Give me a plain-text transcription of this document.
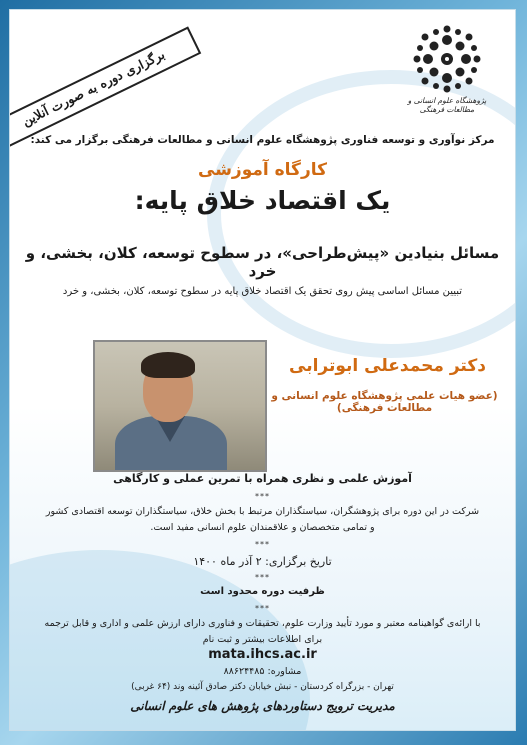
برگزاری دوره به صورت آنلاین	پژوهشگاه علوم انسانی و مطالعات فرهنگی
مرکز نوآوری و توسعه فناوری پژوهشگاه علوم انسانی و مطالعات فرهنگی برگزار می کند:
کارگاه آموزشی
یک اقتصاد خلاق پایه:
مسائل بنیادین «پیش‌طراحی»، در سطوح توسعه، کلان، بخشی، و خرد
تبیین مسائل اساسی پیش روی تحقق یک اقتصاد خلاق پایه در سطوح توسعه، کلان، بخشی، و خرد
دکتر محمدعلی ابوترابی
(عضو هیات علمی پژوهشگاه علوم انسانی و مطالعات فرهنگی)
آموزش علمی و نظری همراه با تمرین عملی و کارگاهی
***
شرکت در این دوره برای پژوهشگران، سیاستگذاران مرتبط با بخش خلاق، سیاستگذاران توسعه اقتصادی کشور
و تمامی متخصصان و علاقمندان علوم انسانی مفید است.
***
تاریخ برگزاری: ۲ آذر ماه ۱۴۰۰
***
ظرفیت دوره محدود است
***
با ارائه‌ی گواهینامه معتبر و مورد تأیید وزارت علوم، تحقیقات و فناوری دارای ارزش علمی و اداری و قابل ترجمه
برای اطلاعات بیشتر و ثبت نام
mata.ihcs.ac.ir
مشاوره: ۸۸۶۲۴۴۸۵
تهران - بزرگراه کردستان - نبش خیابان دکتر صادق آئینه وند (۶۴ غربی)
مدیریت ترویج دستاوردهای پژوهش های علوم انسانی
